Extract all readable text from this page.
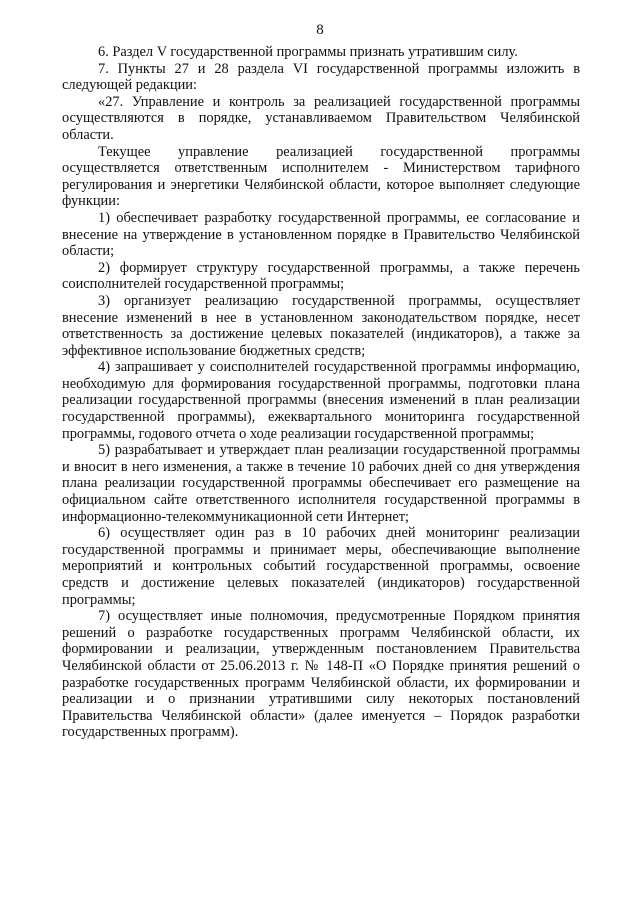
8

6. Раздел V государственной программы признать утратившим силу.

7. Пункты 27 и 28 раздела VI государственной программы изложить в следующей редакции:

«27. Управление и контроль за реализацией государственной программы осуществляются в порядке, устанавливаемом Правительством Челябинской области.

Текущее управление реализацией государственной программы осуществляется ответственным исполнителем - Министерством тарифного регулирования и энергетики Челябинской области, которое выполняет следующие функции:

1) обеспечивает разработку государственной программы, ее согласование и внесение на утверждение в установленном порядке в Правительство Челябинской области;

2) формирует структуру государственной программы, а также перечень соисполнителей государственной программы;

3) организует реализацию государственной программы, осуществляет внесение изменений в нее в установленном законодательством порядке, несет ответственность за достижение целевых показателей (индикаторов), а также за эффективное использование бюджетных средств;

4) запрашивает у соисполнителей государственной программы информацию, необходимую для формирования государственной программы, подготовки плана реализации государственной программы (внесения изменений в план реализации государственной программы), ежеквартального мониторинга государственной программы, годового отчета о ходе реализации государственной программы;

5) разрабатывает и утверждает план реализации государственной программы и вносит в него изменения, а также в течение 10 рабочих дней со дня утверждения плана реализации государственной программы обеспечивает его размещение на официальном сайте ответственного исполнителя государственной программы в информационно-телекоммуникационной сети Интернет;

6) осуществляет один раз в 10 рабочих дней мониторинг реализации государственной программы и принимает меры, обеспечивающие выполнение мероприятий и контрольных событий государственной программы, освоение средств и достижение целевых показателей (индикаторов) государственной программы;

7) осуществляет иные полномочия, предусмотренные Порядком принятия решений о разработке государственных программ Челябинской области, их формировании и реализации, утвержденным постановлением Правительства Челябинской области от 25.06.2013 г. № 148-П «О Порядке принятия решений о разработке государственных программ Челябинской области, их формировании и реализации и о признании утратившими силу некоторых постановлений Правительства Челябинской области» (далее именуется – Порядок разработки государственных программ).
